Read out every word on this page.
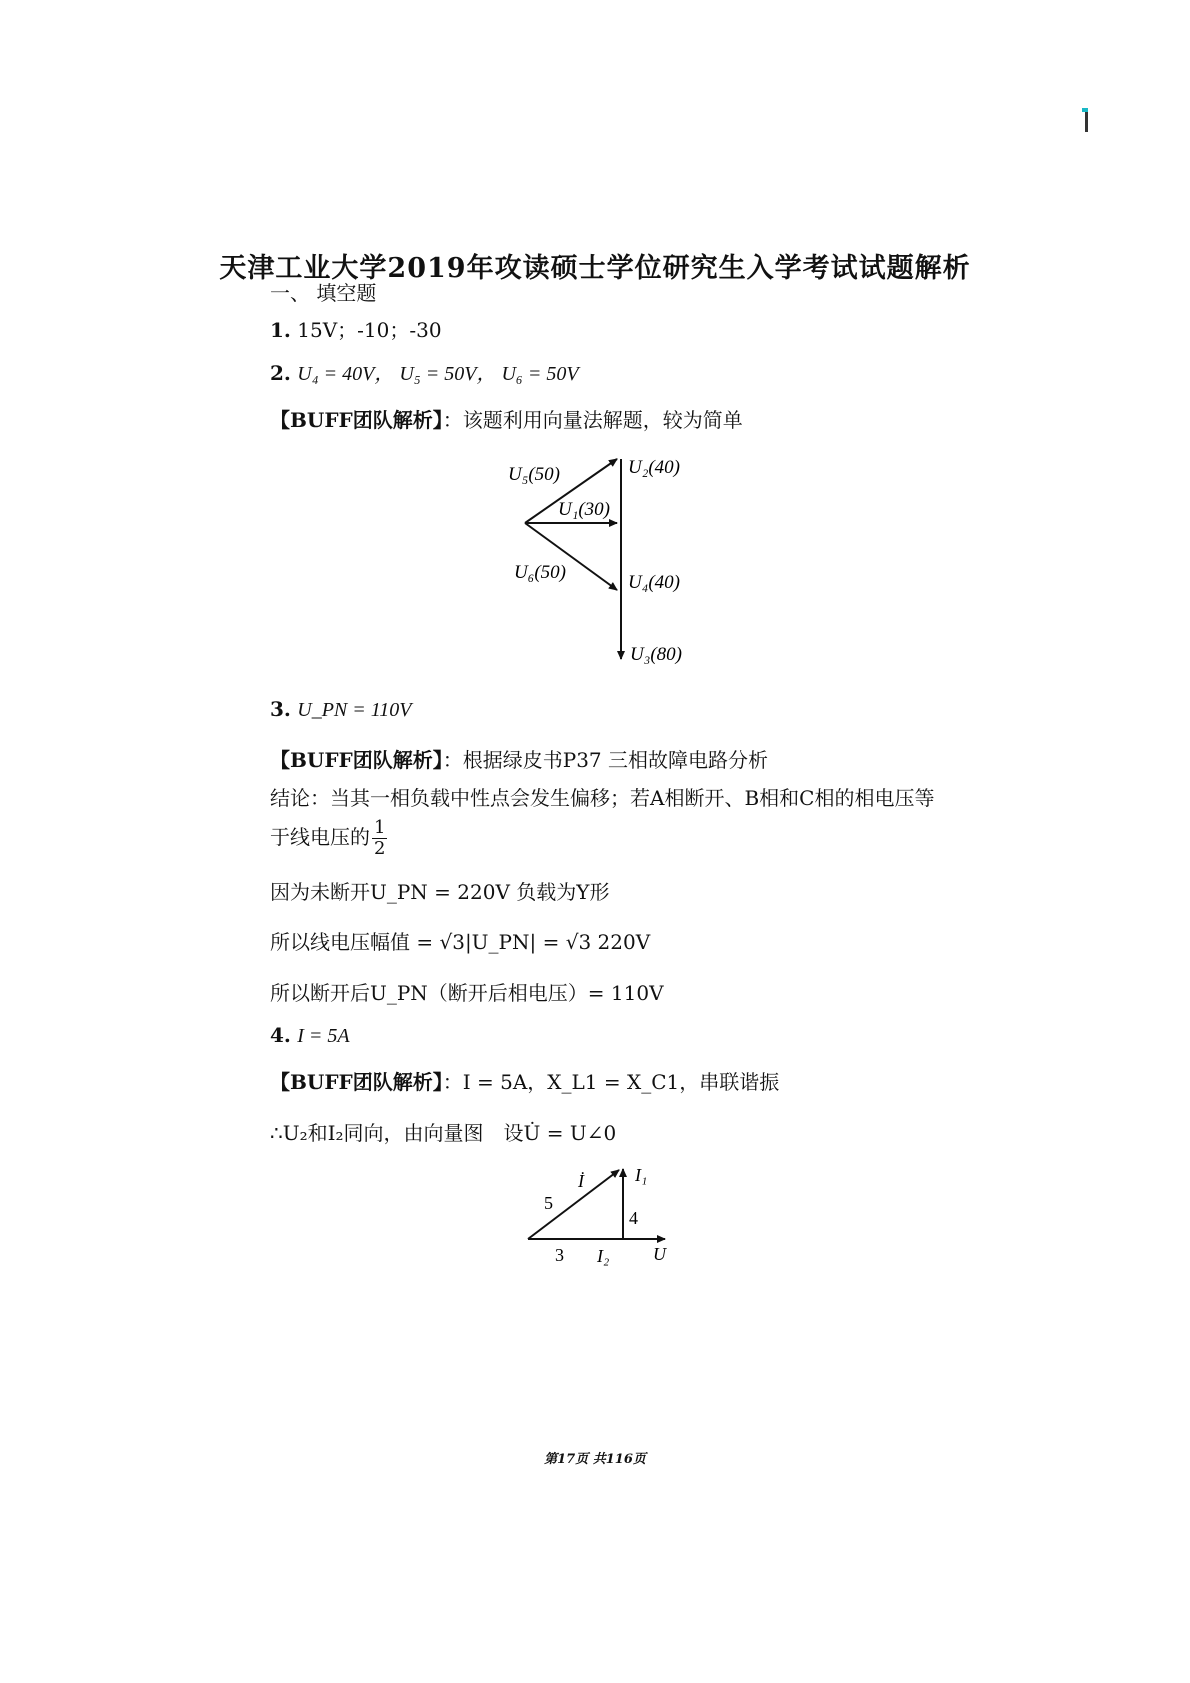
天津工业大学2019年攻读硕士学位研究生入学考试试题解析
一、 填空题
1. 15V；-10；-30
2. U₄ = 40V， U₅ = 50V， U₆ = 50V
【BUFF团队解析】：该题利用向量法解题，较为简单
U₅(50)	U₂(40)
U₁(30)
U₆(50)	U₄(40)
U₃(80)
3. U_PN = 110V
【BUFF团队解析】：根据绿皮书P37 三相故障电路分析
结论：当其一相负载中性点会发生偏移；若A相断开、B相和C相的相电压等
于线电压的 $\frac{1}{2}$
因为未断开U_PN = 220V 负载为Y形
所以线电压幅值 = √3|U_PN| = √3 220V
所以断开后U_PN（断开后相电压）= 110V
4. I = 5A
【BUFF团队解析】：I = 5A，X_L1 = X_C1，串联谐振
∴U₂和I₂同向，由向量图　设U̇ = U∠0
İ	I₁
5
4
3 I₂ U
第17页 共116页
